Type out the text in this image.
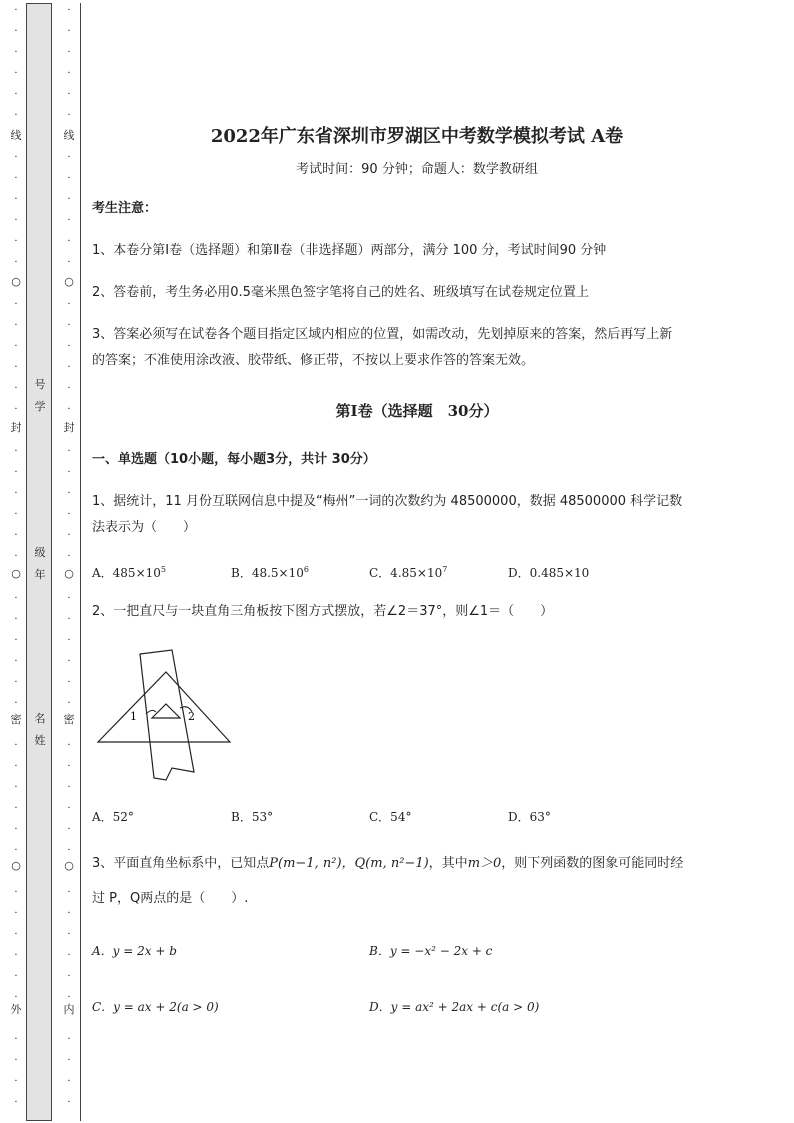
·
·
·
·
·
·
·
·
·
·
·
·
·
·
·
·
·
·
·
·
·
·
·
·
·
·
·
·
·
·
·
·
·
·
·
·
·
·
·
·
·
·
·
·
·
·
线
○
封
○
密
○
外
号
学
级
年
名
姓
·
·
·
·
·
·
·
·
·
·
·
·
·
·
·
·
·
·
·
·
·
·
·
·
·
·
·
·
·
·
·
·
·
·
·
·
·
·
·
·
·
·
·
·
·
·
线
○
封
○
密
○
内
2022年广东省深圳市罗湖区中考数学模拟考试 A卷
考试时间：90 分钟；命题人：数学教研组
考生注意：
1、本卷分第I卷（选择题）和第Ⅱ卷（非选择题）两部分，满分 100 分，考试时间90 分钟
2、答卷前，考生务必用0.5毫米黑色签字笔将自己的姓名、班级填写在试卷规定位置上
3、答案必须写在试卷各个题目指定区域内相应的位置，如需改动，先划掉原来的答案，然后再写上新
的答案；不准使用涂改液、胶带纸、修正带，不按以上要求作答的答案无效。
第I卷（选择题　30分）
一、单选题（10小题，每小题3分，共计 30分）
1、据统计，11 月份互联网信息中提及“梅州”一词的次数约为 48500000，数据 48500000 科学记数
法表示为（　　）
A．$485\times 10^5$	B．$48.5\times 10^6$	C．$4.85\times 10^7$	D．0.485×10
2、一把直尺与一块直角三角板按下图方式摆放，若∠2＝37°，则∠1＝（　　）
A．52°	B．53°	C．54°	D．63°
3、平面直角坐标系中，已知点P(m−1, n²)，Q(m, n²−1)，其中m＞0，则下列函数的图象可能同时经
过 P，Q两点的是（　　）.
A．y = 2x + b	B．y = −x² − 2x + c
C．y = ax + 2(a > 0)	D．y = ax² + 2ax + c(a > 0)
1	2
